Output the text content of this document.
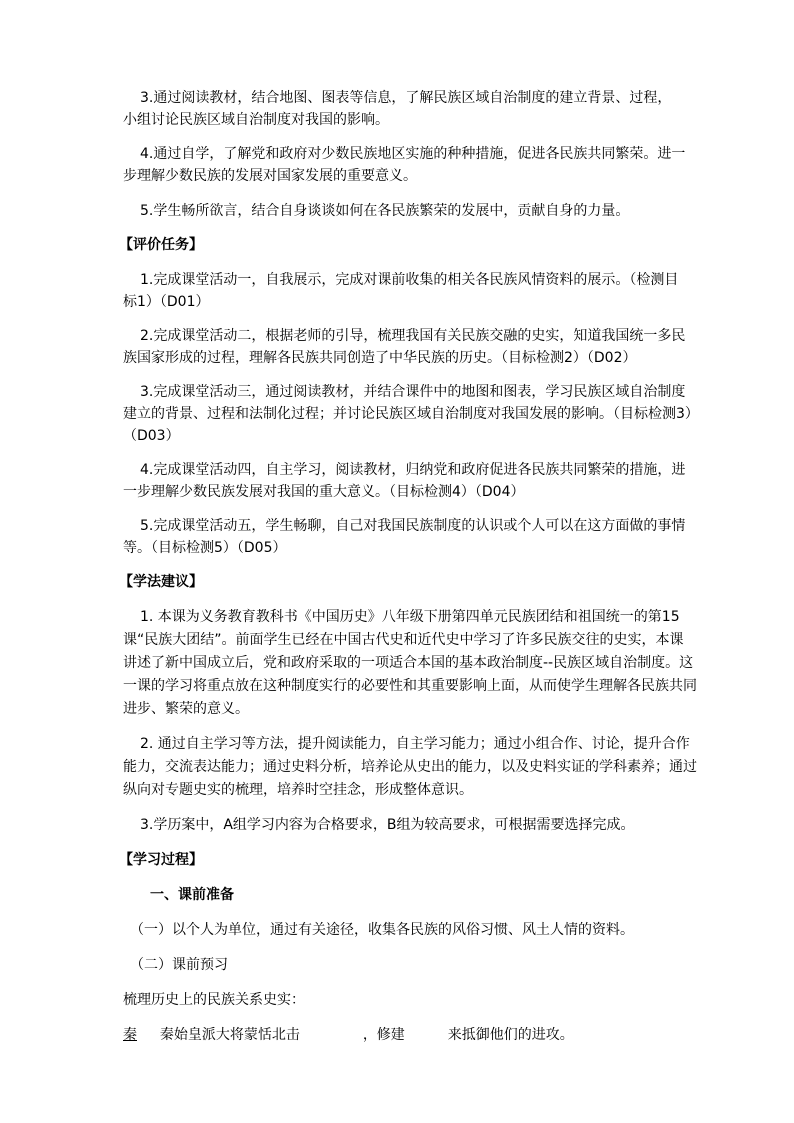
3.通过阅读教材，结合地图、图表等信息，了解民族区域自治制度的建立背景、过程，
小组讨论民族区域自治制度对我国的影响。
4.通过自学，了解党和政府对少数民族地区实施的种种措施，促进各民族共同繁荣。进一
步理解少数民族的发展对国家发展的重要意义。
5.学生畅所欲言，结合自身谈谈如何在各民族繁荣的发展中，贡献自身的力量。
【评价任务】
1.完成课堂活动一，自我展示，完成对课前收集的相关各民族风情资料的展示。（检测目
标1）（D01）
2.完成课堂活动二，根据老师的引导，梳理我国有关民族交融的史实，知道我国统一多民
族国家形成的过程，理解各民族共同创造了中华民族的历史。（目标检测2）（D02）
3.完成课堂活动三，通过阅读教材，并结合课件中的地图和图表，学习民族区域自治制度
建立的背景、过程和法制化过程；并讨论民族区域自治制度对我国发展的影响。（目标检测3）
（D03）
4.完成课堂活动四，自主学习，阅读教材，归纳党和政府促进各民族共同繁荣的措施，进
一步理解少数民族发展对我国的重大意义。（目标检测4）（D04）
5.完成课堂活动五，学生畅聊，自己对我国民族制度的认识或个人可以在这方面做的事情
等。（目标检测5）（D05）
【学法建议】
1. 本课为义务教育教科书《中国历史》八年级下册第四单元民族团结和祖国统一的第15
课“民族大团结”。前面学生已经在中国古代史和近代史中学习了许多民族交往的史实，本课
讲述了新中国成立后，党和政府采取的一项适合本国的基本政治制度--民族区域自治制度。这
一课的学习将重点放在这种制度实行的必要性和其重要影响上面，从而使学生理解各民族共同
进步、繁荣的意义。
2. 通过自主学习等方法，提升阅读能力，自主学习能力；通过小组合作、讨论，提升合作
能力，交流表达能力；通过史料分析，培养论从史出的能力，以及史料实证的学科素养；通过
纵向对专题史实的梳理，培养时空挂念，形成整体意识。
3.学历案中，A组学习内容为合格要求，B组为较高要求，可根据需要选择完成。
【学习过程】
一、课前准备
（一）以个人为单位，通过有关途径，收集各民族的风俗习惯、风土人情的资料。
（二）课前预习
梳理历史上的民族关系史实：
秦 秦始皇派大将蒙恬北击	，修建	来抵御他们的进攻。
